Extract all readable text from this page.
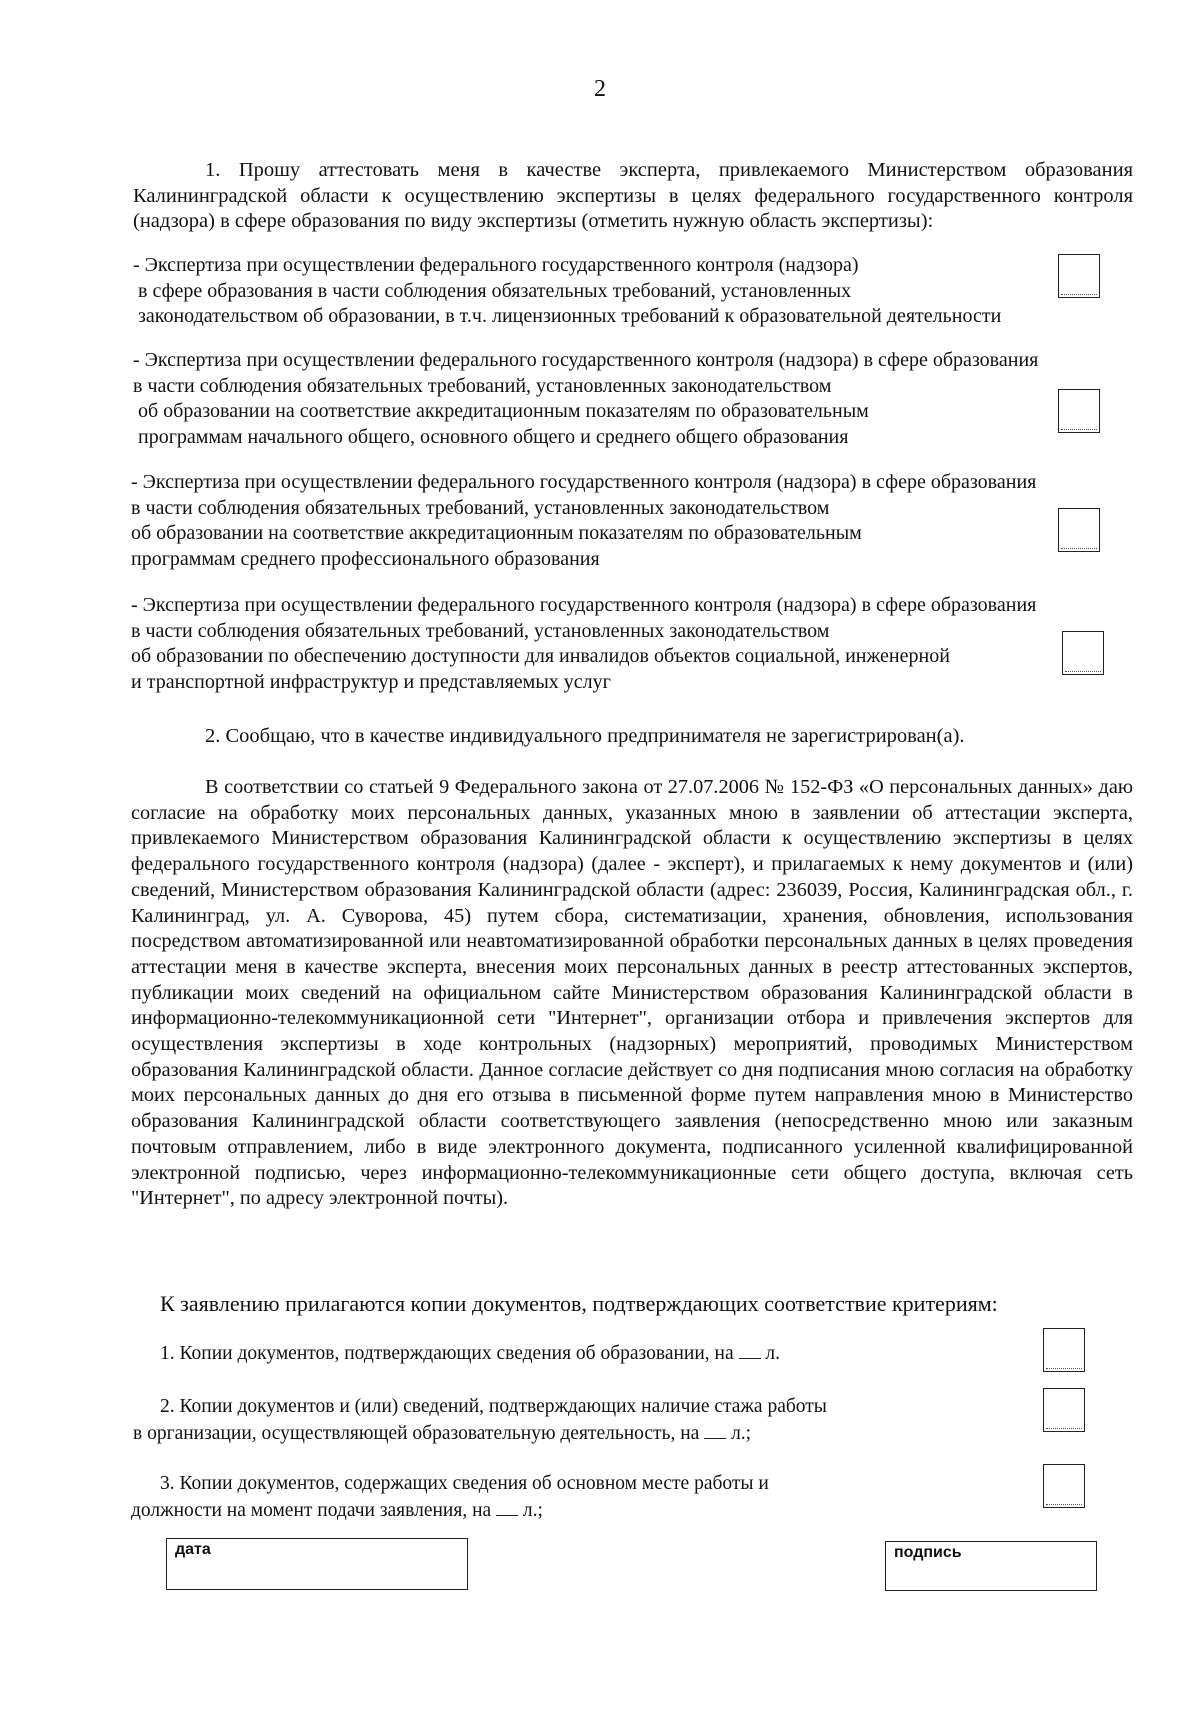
2
1. Прошу аттестовать меня в качестве эксперта, привлекаемого Министерством образования
Калининградской области к осуществлению экспертизы в целях федерального государственного контроля
(надзора) в сфере образования по виду экспертизы (отметить нужную область экспертизы):
- Экспертиза при осуществлении федерального государственного контроля (надзора)
в сфере образования в части соблюдения обязательных требований, установленных
законодательством об образовании, в т.ч. лицензионных требований к образовательной деятельности
- Экспертиза при осуществлении федерального государственного контроля (надзора) в сфере образования
в части соблюдения обязательных требований, установленных законодательством
об образовании на соответствие аккредитационным показателям по образовательным
программам начального общего, основного общего и среднего общего образования
- Экспертиза при осуществлении федерального государственного контроля (надзора) в сфере образования
в части соблюдения обязательных требований, установленных законодательством
об образовании на соответствие аккредитационным показателям по образовательным
программам среднего профессионального образования
- Экспертиза при осуществлении федерального государственного контроля (надзора) в сфере образования
в части соблюдения обязательных требований, установленных законодательством
об образовании по обеспечению доступности для инвалидов объектов социальной, инженерной
и транспортной инфраструктур и представляемых услуг
2. Сообщаю, что в качестве индивидуального предпринимателя не зарегистрирован(а).
В соответствии со статьей 9 Федерального закона от 27.07.2006 № 152-ФЗ «О персональных данных» даю согласие на обработку моих персональных данных, указанных мною в заявлении об аттестации эксперта, привлекаемого Министерством образования Калининградской области к осуществлению экспертизы в целях федерального государственного контроля (надзора) (далее - эксперт), и прилагаемых к нему документов и (или) сведений, Министерством образования Калининградской области (адрес: 236039, Россия, Калининградская обл., г. Калининград, ул. А. Суворова, 45) путем сбора, систематизации, хранения, обновления, использования посредством автоматизированной или неавтоматизированной обработки персональных данных в целях проведения аттестации меня в качестве эксперта, внесения моих персональных данных в реестр аттестованных экспертов, публикации моих сведений на официальном сайте Министерством образования Калининградской области в информационно-телекоммуникационной сети "Интернет", организации отбора и привлечения экспертов для осуществления экспертизы в ходе контрольных (надзорных) мероприятий, проводимых Министерством образования Калининградской области. Данное согласие действует со дня подписания мною согласия на обработку моих персональных данных до дня его отзыва в письменной форме путем направления мною в Министерство образования Калининградской области соответствующего заявления (непосредственно мною или заказным почтовым отправлением, либо в виде электронного документа, подписанного усиленной квалифицированной электронной подписью, через информационно-телекоммуникационные сети общего доступа, включая сеть "Интернет", по адресу электронной почты).
К заявлению прилагаются копии документов, подтверждающих соответствие критериям:
1. Копии документов, подтверждающих сведения об образовании, на  л.
2. Копии документов и (или) сведений, подтверждающих наличие стажа работы
в организации, осуществляющей образовательную деятельность, на  л.;
3. Копии документов, содержащих сведения об основном месте работы и
должности на момент подачи заявления, на  л.;
дата	подпись
